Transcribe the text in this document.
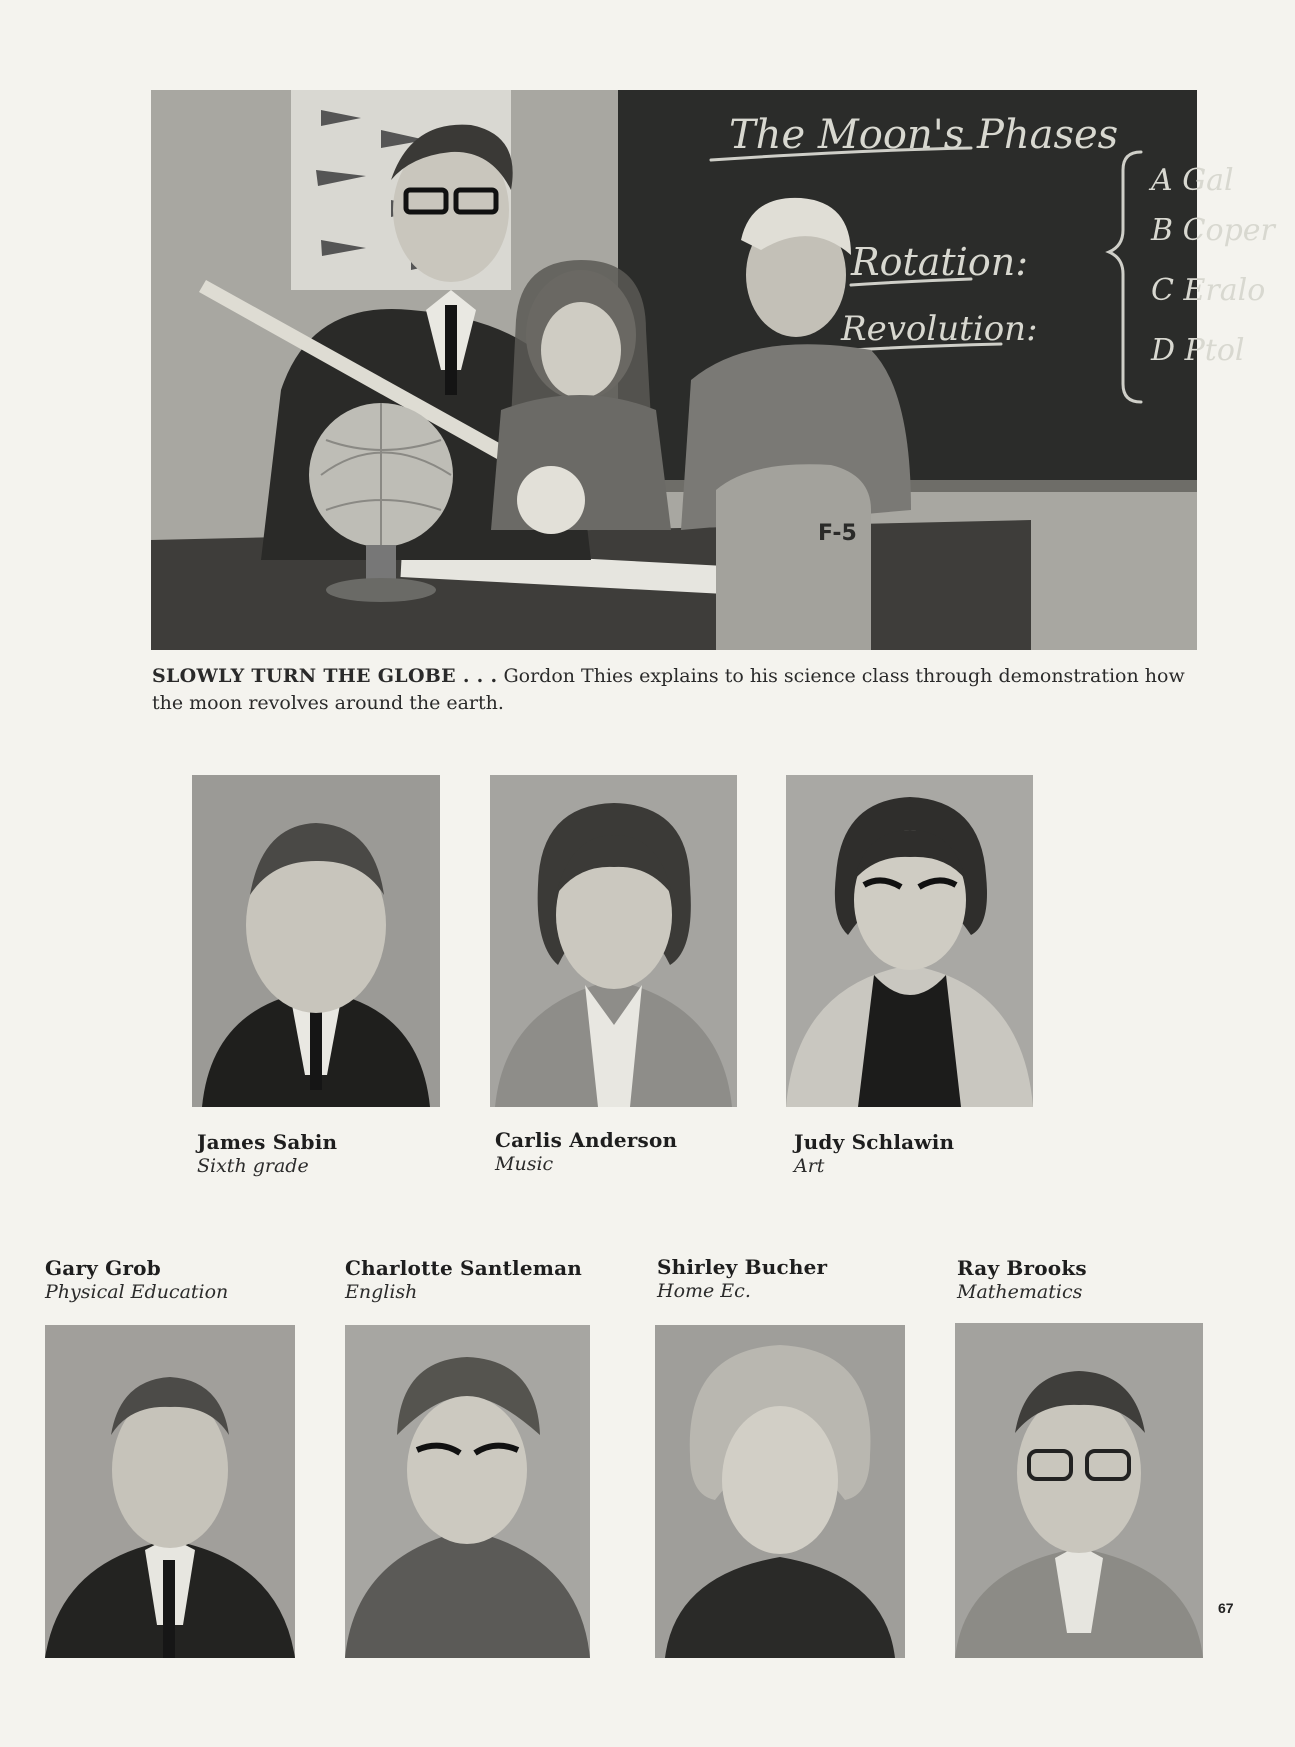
The Moon's Phases
Rotation:
Revolution:
A Gal
B Coper
C Eralo
D Ptol
F-5
SLOWLY TURN THE GLOBE . . . Gordon Thies explains to his science class through demonstration how the moon revolves around the earth.
James Sabin
Sixth grade
Carlis Anderson
Music
Judy Schlawin
Art
Gary Grob
Physical Education
Charlotte Santleman
English
Shirley Bucher
Home Ec.
Ray Brooks
Mathematics
67
